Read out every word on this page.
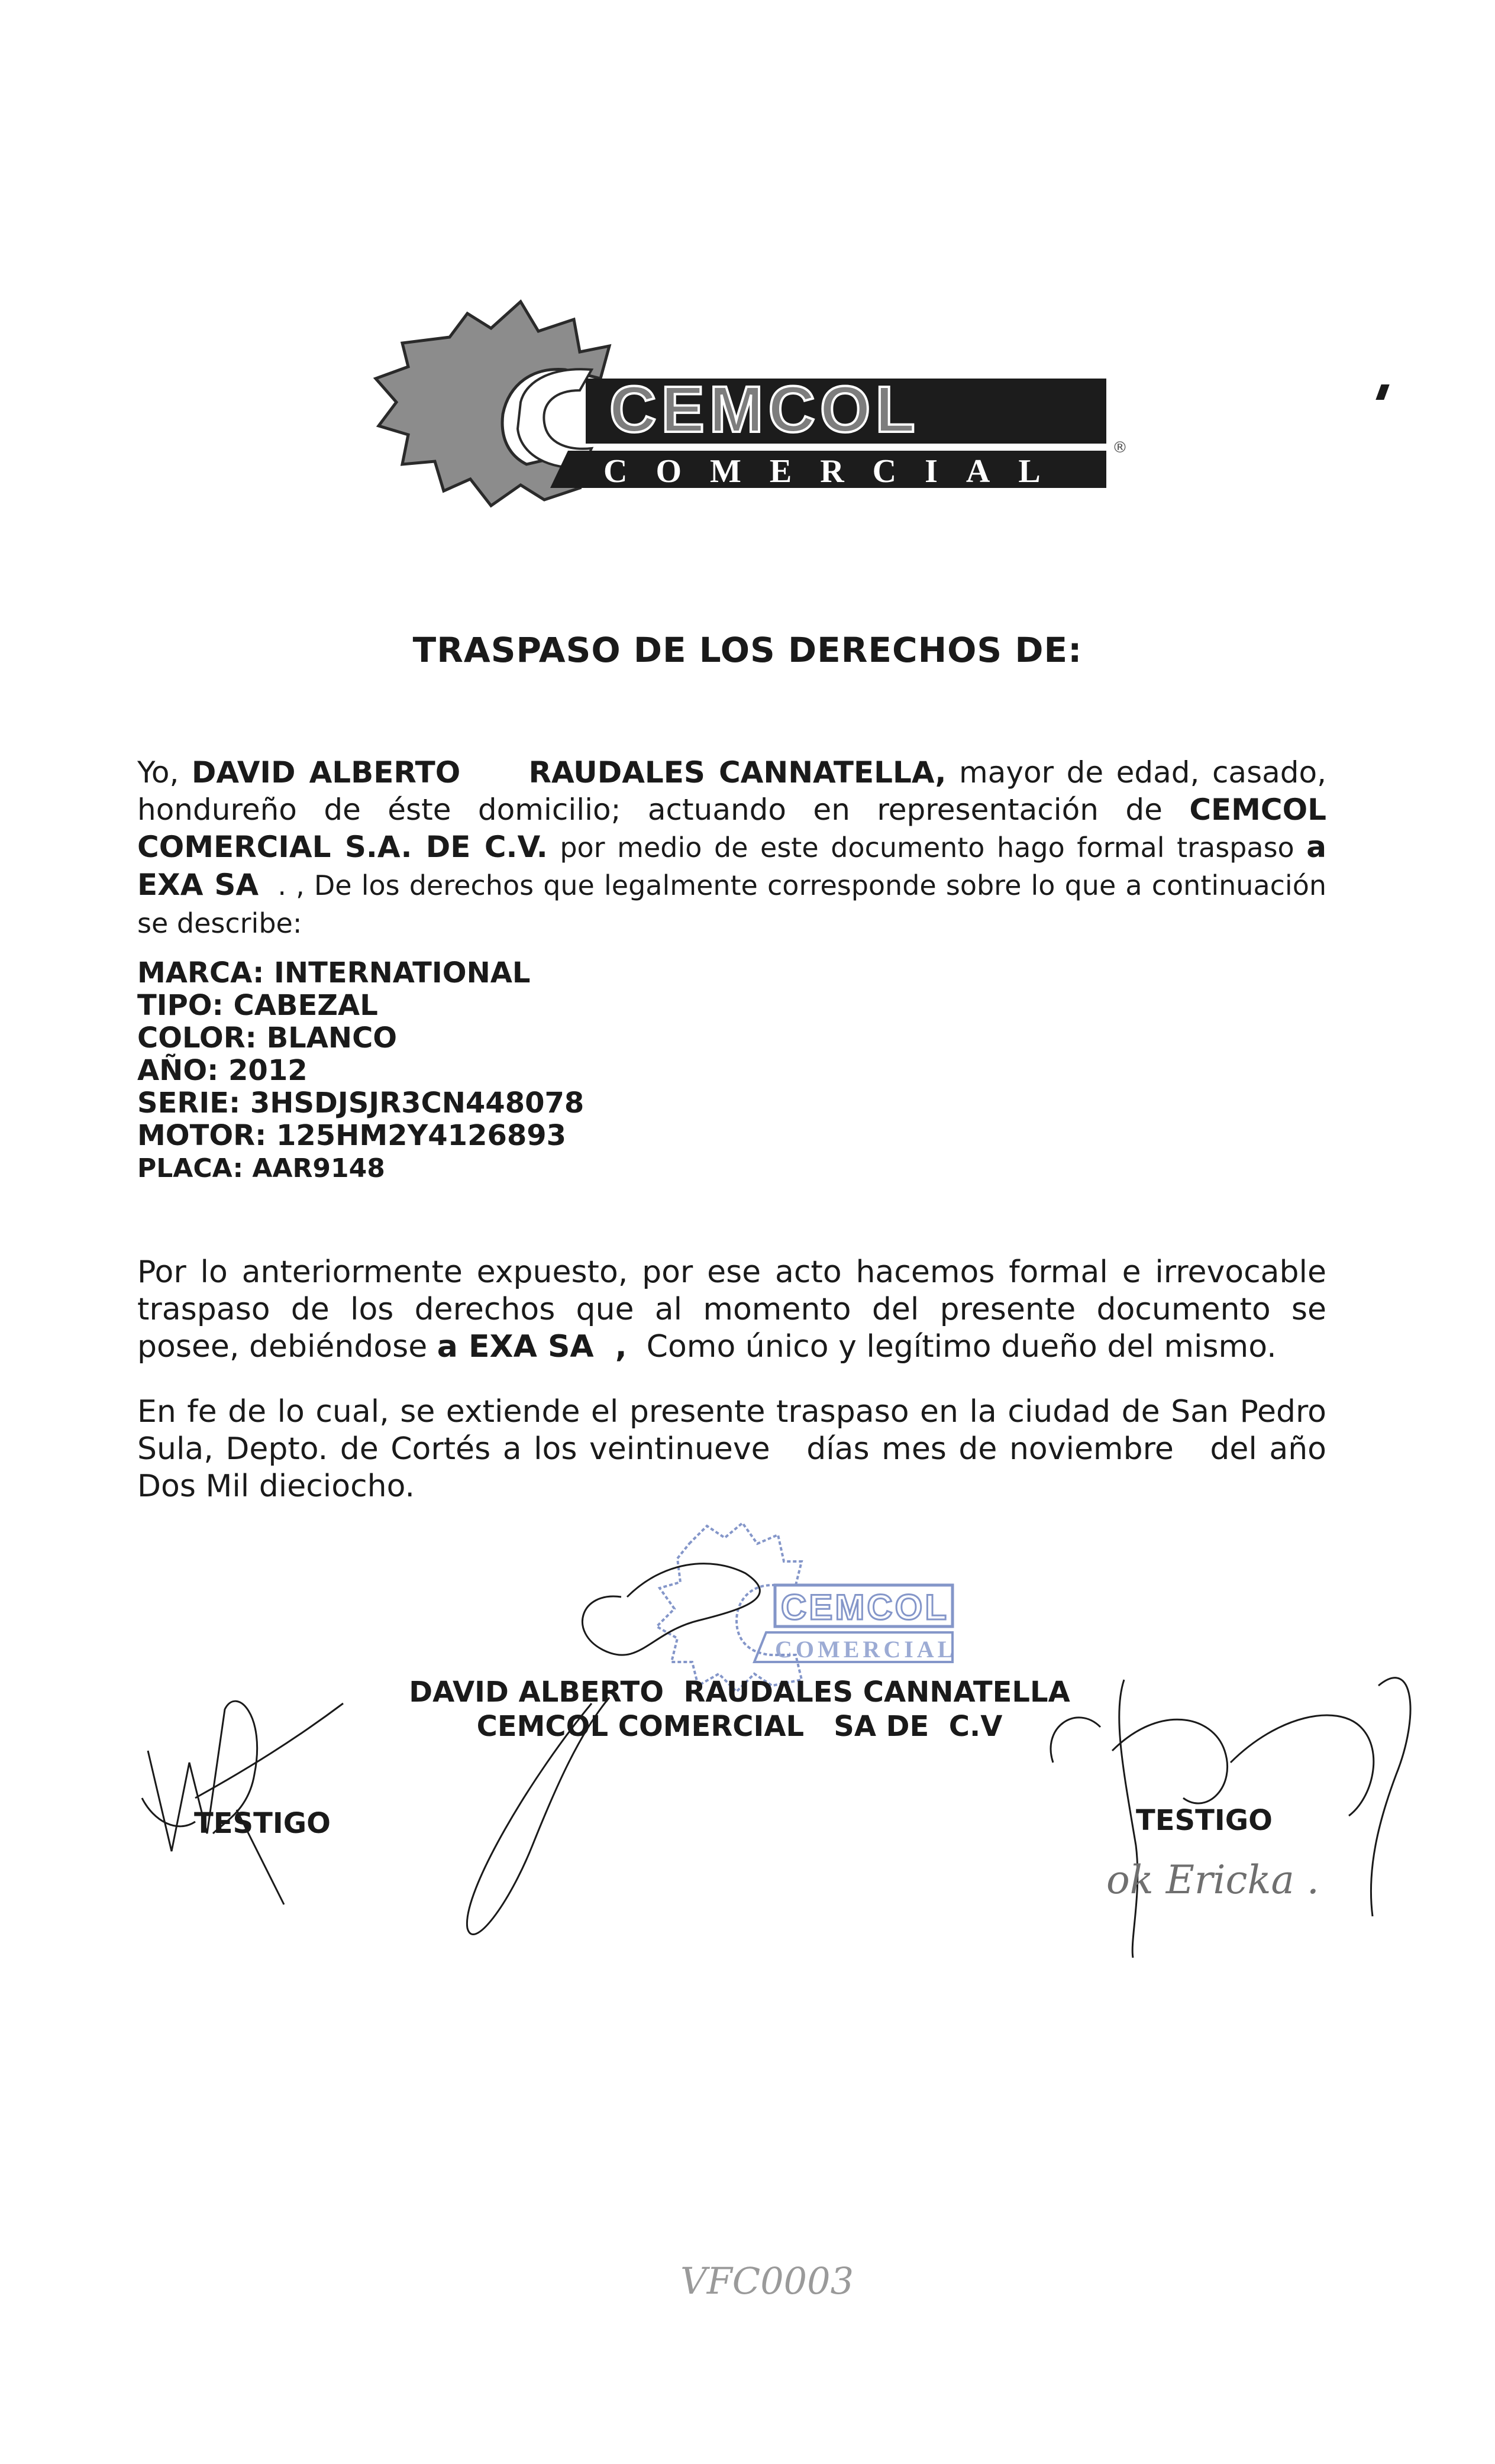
CEMCOL
COMERCIAL
®
TRASPASO DE LOS DERECHOS DE:
Yo, DAVID ALBERTO     RAUDALES CANNATELLA, mayor de edad, casado, hondureño de éste domicilio; actuando en representación de CEMCOL COMERCIAL S.A. DE C.V. por medio de este documento hago formal traspaso a EXA SA  . , De los derechos que legalmente corresponde sobre lo que a continuación se describe:
MARCA: INTERNATIONAL
TIPO: CABEZAL
COLOR: BLANCO
AÑO: 2012
SERIE: 3HSDJSJR3CN448078
MOTOR: 125HM2Y4126893
PLACA: AAR9148
Por lo anteriormente expuesto, por ese acto hacemos formal e irrevocable traspaso de los derechos que al momento del presente documento se posee, debiéndose a EXA SA  ,  Como único y legítimo dueño del mismo.
En fe de lo cual, se extiende el presente traspaso en la ciudad de San Pedro Sula, Depto. de Cortés a los veintinueve   días mes de noviembre   del año Dos Mil dieciocho.
CEMCOL
COMERCIAL
DAVID ALBERTO  RAUDALES CANNATELLA
CEMCOL COMERCIAL   SA DE  C.V
TESTIGO	TESTIGO
ok Ericka .
VFC0003
